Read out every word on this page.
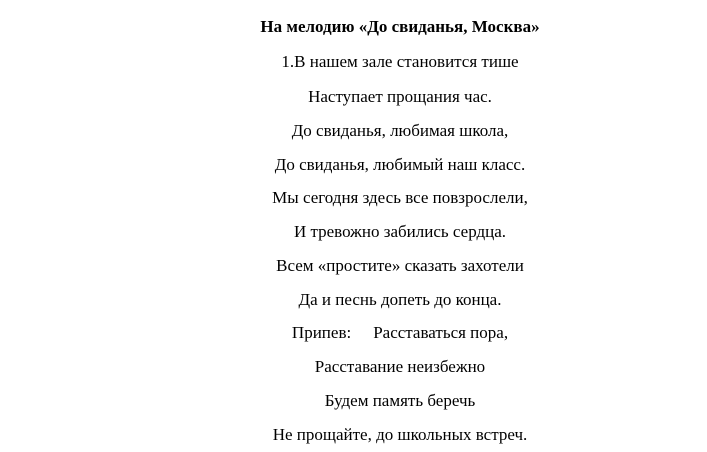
На мелодию «До свиданья, Москва»

1.В нашем зале становится тише

Наступает прощания час.

До свиданья, любимая школа,

До свиданья, любимый наш класс.

Мы сегодня здесь все повзрослели,

И тревожно забились сердца.

Всем «простите» сказать захотели

Да и песнь допеть до конца.

Припев:	Расставаться пора,

Расставание неизбежно

Будем память беречь

Не прощайте, до школьных встреч.
